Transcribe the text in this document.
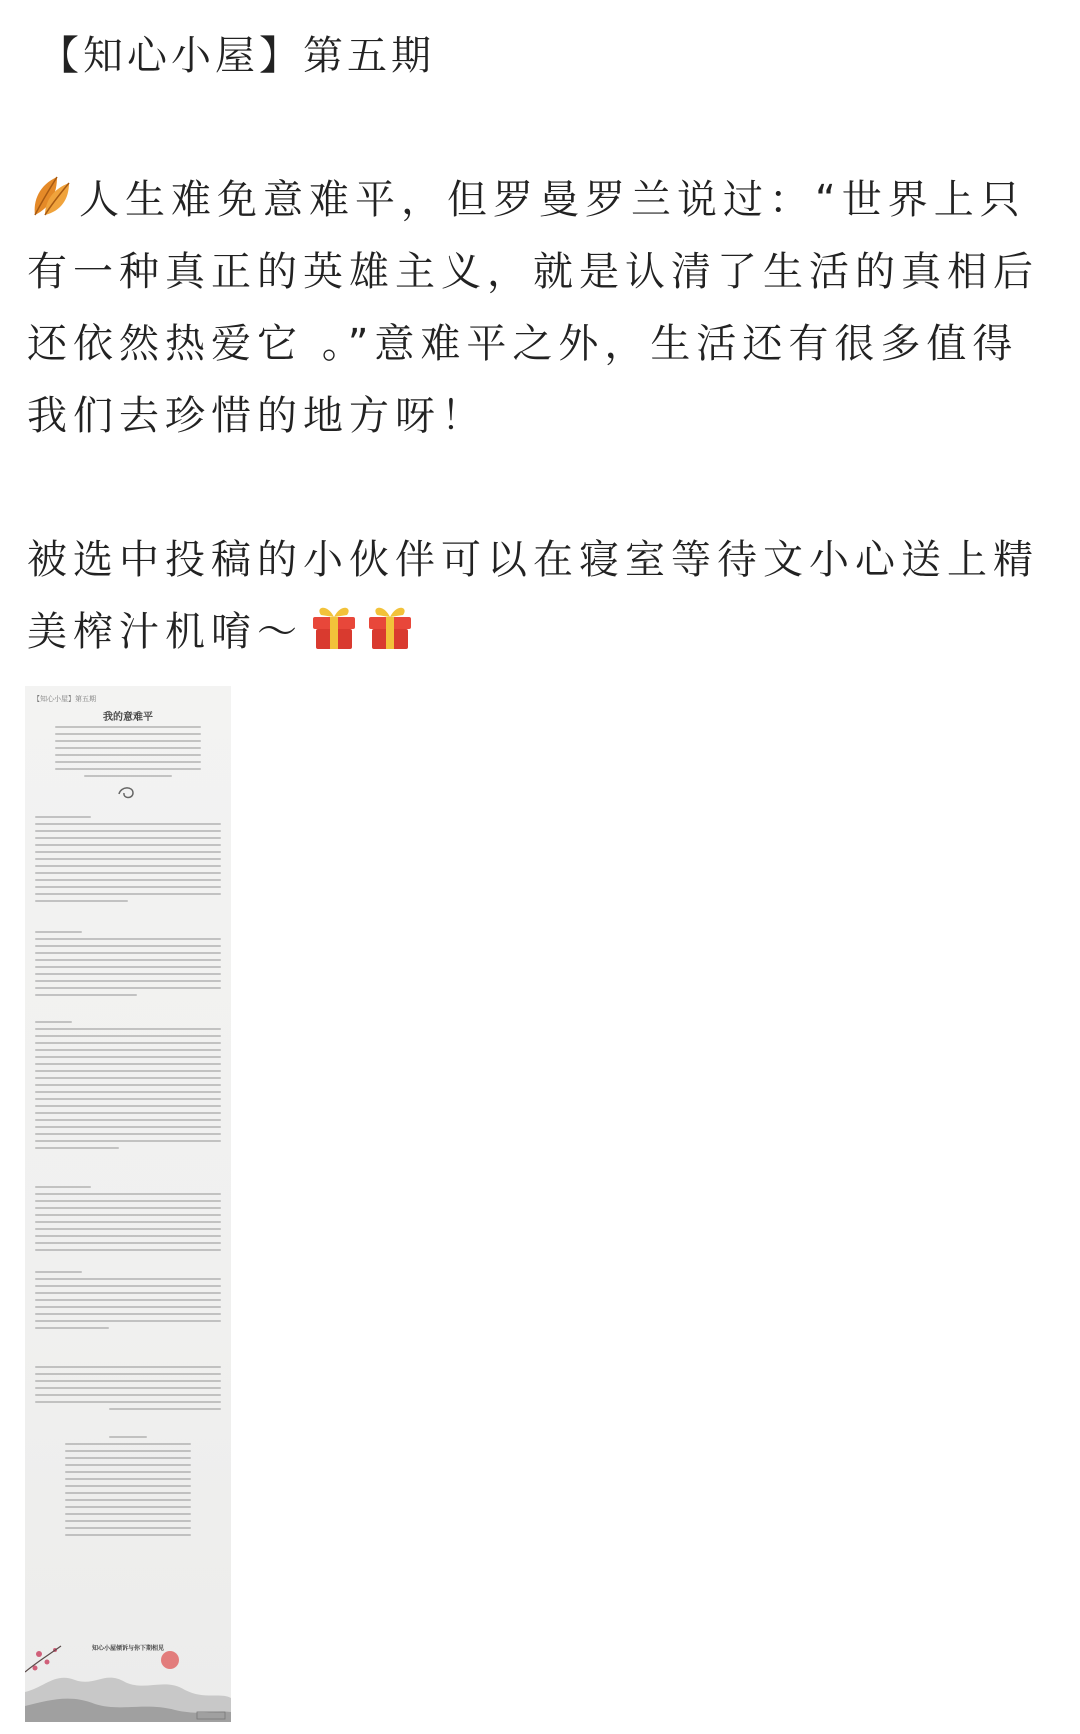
【知心小屋】第五期

人生难免意难平，但罗曼罗兰说过：“世界上只有一种真正的英雄主义，就是认清了生活的真相后还依然热爱它 。”意难平之外，生活还有很多值得我们去珍惜的地方呀！

被选中投稿的小伙伴可以在寝室等待文小心送上精美榨汁机唷～

【知心小屋】第五期
我的意难平
知心小屋倾诉与你下期相见
